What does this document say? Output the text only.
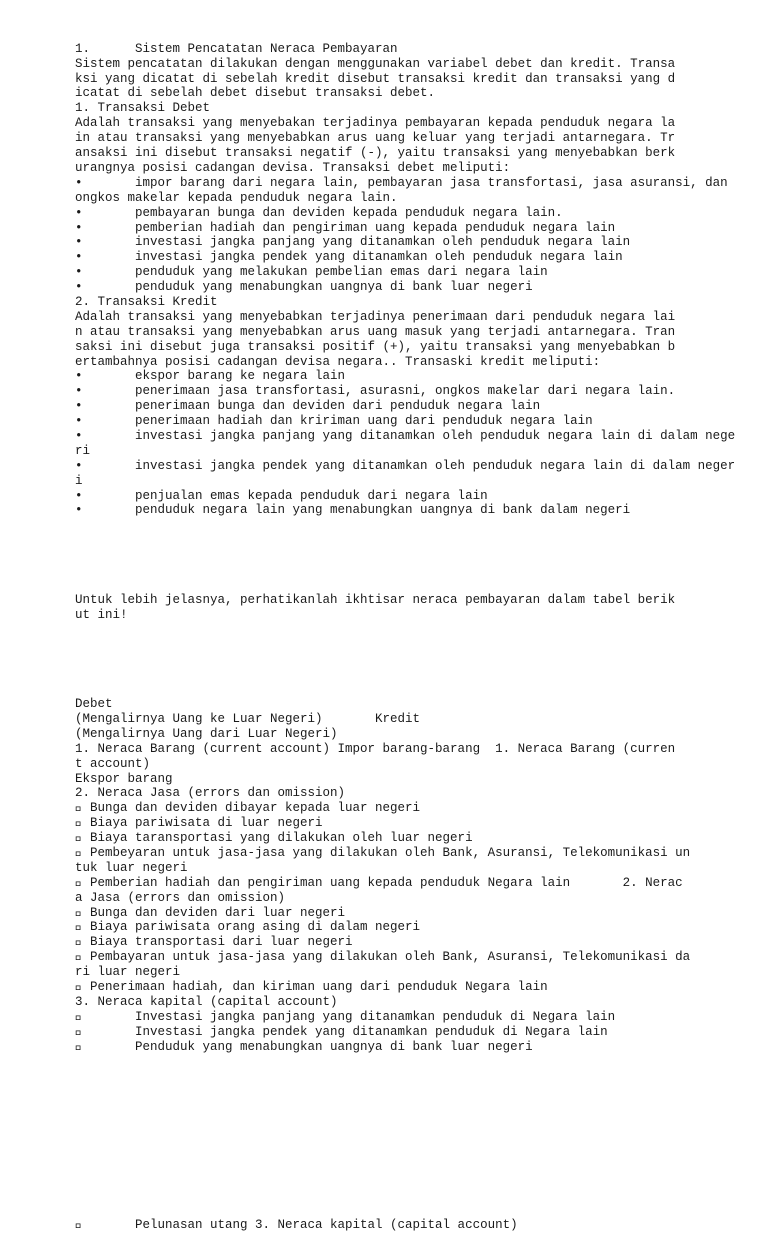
1.      Sistem Pencatatan Neraca Pembayaran
Sistem pencatatan dilakukan dengan menggunakan variabel debet dan kredit. Transa
ksi yang dicatat di sebelah kredit disebut transaksi kredit dan transaksi yang d
icatat di sebelah debet disebut transaksi debet.
1. Transaksi Debet
Adalah transaksi yang menyebakan terjadinya pembayaran kepada penduduk negara la
in atau transaksi yang menyebabkan arus uang keluar yang terjadi antarnegara. Tr
ansaksi ini disebut transaksi negatif (-), yaitu transaksi yang menyebabkan berk
urangnya posisi cadangan devisa. Transaksi debet meliputi:
•       impor barang dari negara lain, pembayaran jasa transfortasi, jasa asuransi, dan
ongkos makelar kepada penduduk negara lain.
•       pembayaran bunga dan deviden kepada penduduk negara lain.
•       pemberian hadiah dan pengiriman uang kepada penduduk negara lain
•       investasi jangka panjang yang ditanamkan oleh penduduk negara lain
•       investasi jangka pendek yang ditanamkan oleh penduduk negara lain
•       penduduk yang melakukan pembelian emas dari negara lain
•       penduduk yang menabungkan uangnya di bank luar negeri
2. Transaksi Kredit
Adalah transaksi yang menyebabkan terjadinya penerimaan dari penduduk negara lai
n atau transaksi yang menyebabkan arus uang masuk yang terjadi antarnegara. Tran
saksi ini disebut juga transaksi positif (+), yaitu transaksi yang menyebabkan b
ertambahnya posisi cadangan devisa negara.. Transaski kredit meliputi:
•       ekspor barang ke negara lain
•       penerimaan jasa transfortasi, asurasni, ongkos makelar dari negara lain.
•       penerimaan bunga dan deviden dari penduduk negara lain
•       penerimaan hadiah dan kririman uang dari penduduk negara lain
•       investasi jangka panjang yang ditanamkan oleh penduduk negara lain di dalam nege
ri
•       investasi jangka pendek yang ditanamkan oleh penduduk negara lain di dalam neger
i
•       penjualan emas kepada penduduk dari negara lain
•       penduduk negara lain yang menabungkan uangnya di bank dalam negeri

Untuk lebih jelasnya, perhatikanlah ikhtisar neraca pembayaran dalam tabel berik
ut ini!

Debet
(Mengalirnya Uang ke Luar Negeri)       Kredit
(Mengalirnya Uang dari Luar Negeri)
1. Neraca Barang (current account) Impor barang-barang  1. Neraca Barang (curren
t account)
Ekspor barang
2. Neraca Jasa (errors dan omission)
􏰀 Bunga dan deviden dibayar kepada luar negeri
􏰀 Biaya pariwisata di luar negeri
􏰀 Biaya taransportasi yang dilakukan oleh luar negeri
􏰀 Pembeyaran untuk jasa-jasa yang dilakukan oleh Bank, Asuransi, Telekomunikasi un
tuk luar negeri
􏰀 Pemberian hadiah dan pengiriman uang kepada penduduk Negara lain       2. Nerac
a Jasa (errors dan omission)
􏰀 Bunga dan deviden dari luar negeri
􏰀 Biaya pariwisata orang asing di dalam negeri
􏰀 Biaya transportasi dari luar negeri
􏰀 Pembayaran untuk jasa-jasa yang dilakukan oleh Bank, Asuransi, Telekomunikasi da
ri luar negeri
􏰀 Penerimaan hadiah, dan kiriman uang dari penduduk Negara lain
3. Neraca kapital (capital account)
􏰀       Investasi jangka panjang yang ditanamkan penduduk di Negara lain
􏰀       Investasi jangka pendek yang ditanamkan penduduk di Negara lain
􏰀       Penduduk yang menabungkan uangnya di bank luar negeri

􏰀       Pelunasan utang 3. Neraca kapital (capital account)
